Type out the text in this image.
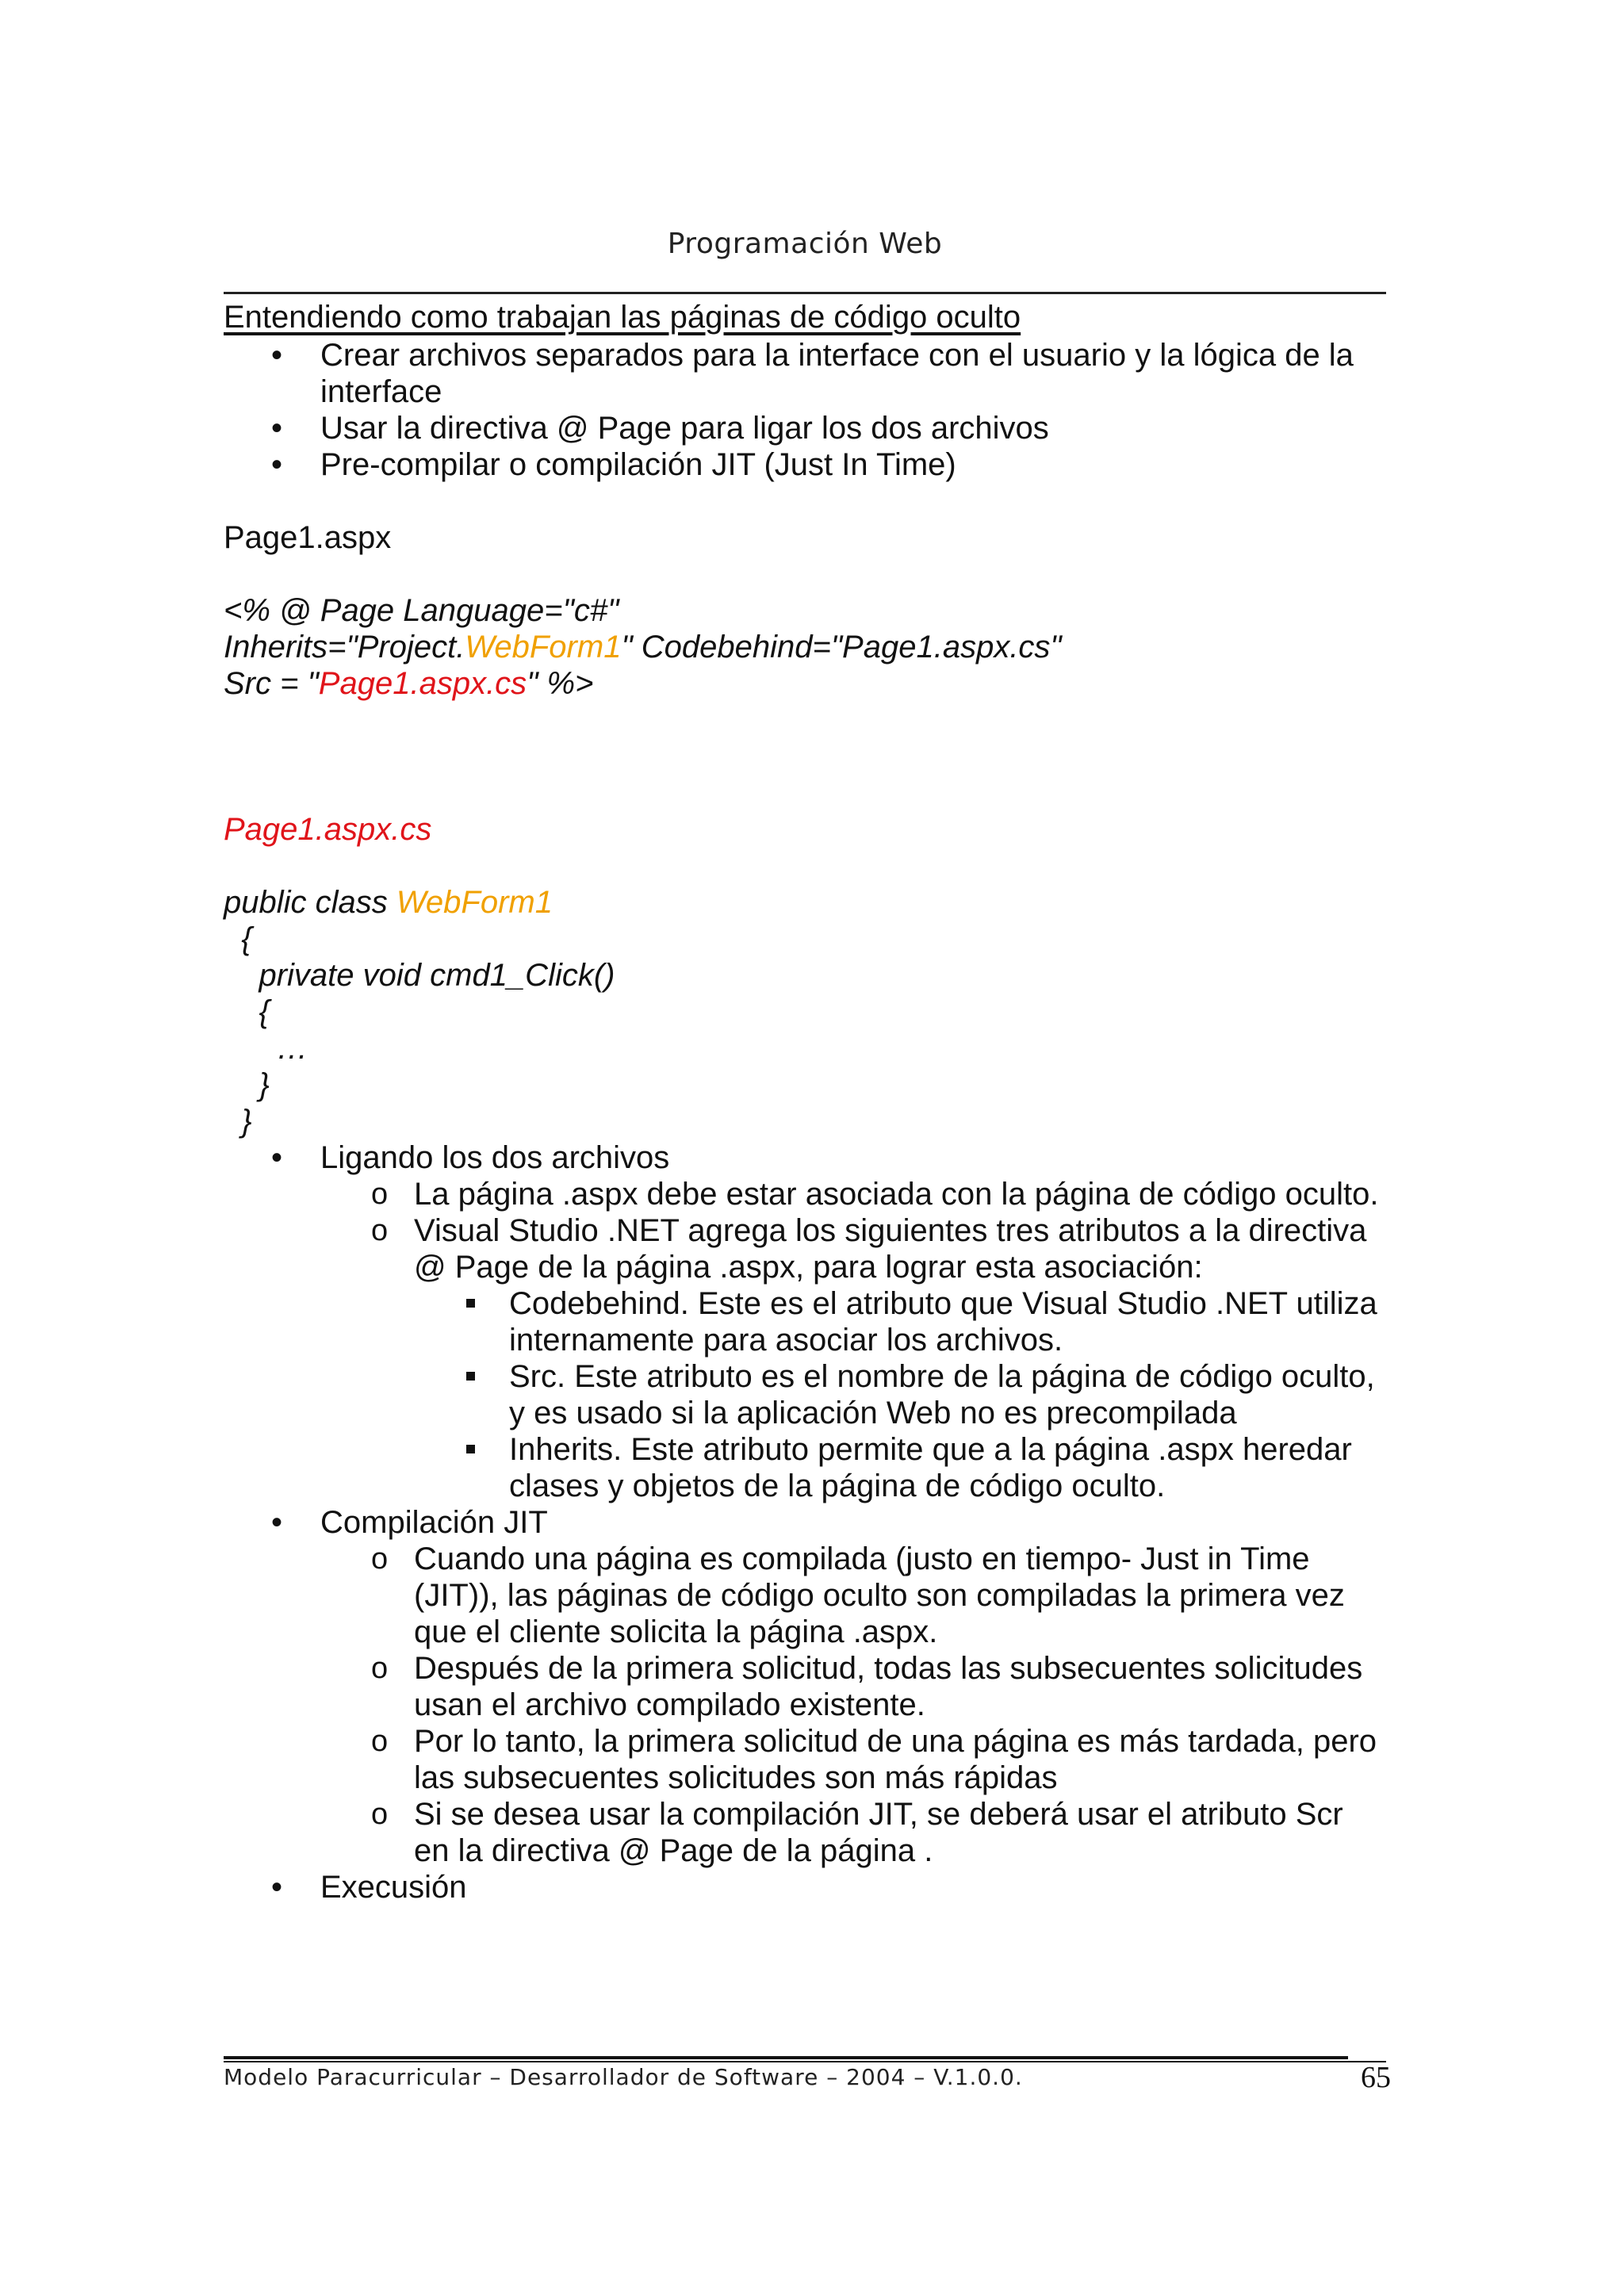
Programación Web
Entendiendo como trabajan las páginas de código oculto
• Crear archivos separados para la interface con el usuario y la lógica de la interface
• Usar la directiva @ Page para ligar los dos archivos
• Pre-compilar o compilación JIT (Just In Time)
Page1.aspx

<% @ Page Language="c#"

Inherits="Project.WebForm1" Codebehind="Page1.aspx.cs"

Src = "Page1.aspx.cs" %>

Page1.aspx.cs

public class WebForm1

{

private void cmd1_Click()

{

…

}

}

• Ligando los dos archivos
o o La página .aspx debe estar asociada con la página de código oculto.
o o Visual Studio .NET agrega los siguientes tres atributos a la directiva @ Page de la página .aspx, para lograr esta asociación:
Codebehind. Este es el atributo que Visual Studio .NET utiliza internamente para asociar los archivos.
Src. Este atributo es el nombre de la página de código oculto, y es usado si la aplicación Web no es precompilada
Inherits. Este atributo permite que a la página .aspx heredar clases y objetos de la página de código oculto.
• Compilación JIT
o o Cuando una página es compilada (justo en tiempo- Just in Time (JIT)), las páginas de código oculto son compiladas la primera vez que el cliente solicita la página .aspx.
o o Después de la primera solicitud, todas las subsecuentes solicitudes usan el archivo compilado existente.
o o Por lo tanto, la primera solicitud de una página es más tardada, pero las subsecuentes solicitudes son más rápidas
o o Si se desea usar la compilación JIT, se deberá usar el atributo Scr en la directiva @ Page de la página .
• Execusión
Modelo Paracurricular – Desarrollador de Software – 2004 – V.1.0.0.	65
